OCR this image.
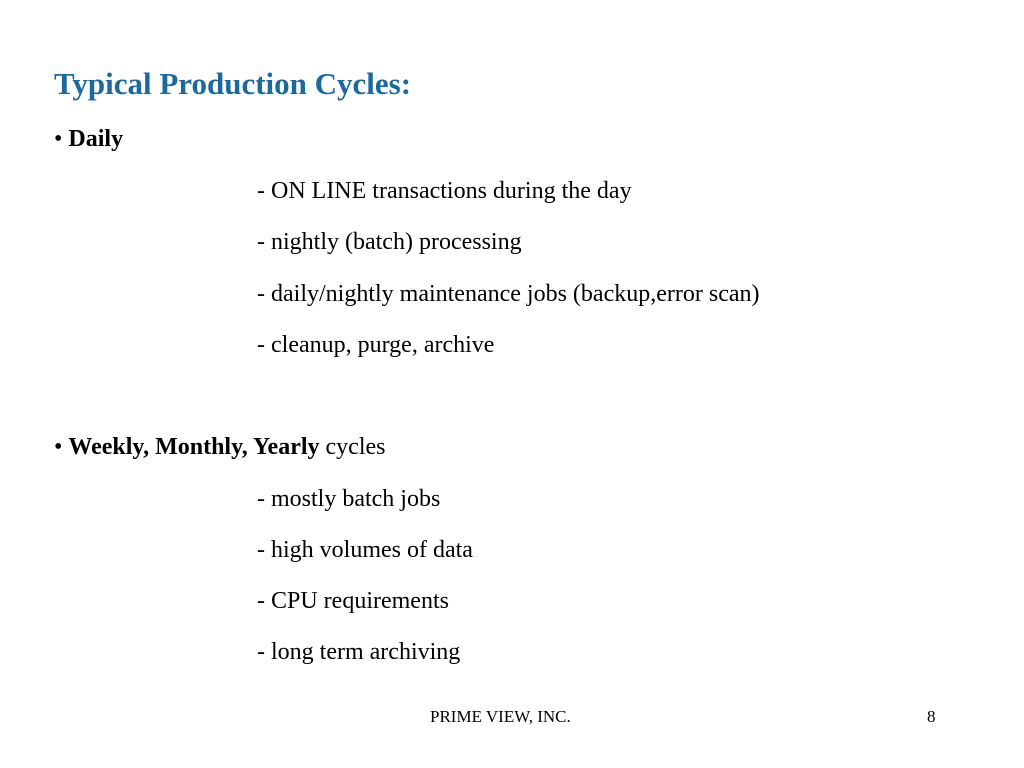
Typical Production Cycles:
• Daily
- ON LINE transactions during the day
- nightly (batch) processing
- daily/nightly maintenance jobs (backup,error scan)
- cleanup, purge, archive
• Weekly, Monthly, Yearly cycles
- mostly batch jobs
- high volumes of data
- CPU requirements
- long term archiving
PRIME VIEW, INC.	8
